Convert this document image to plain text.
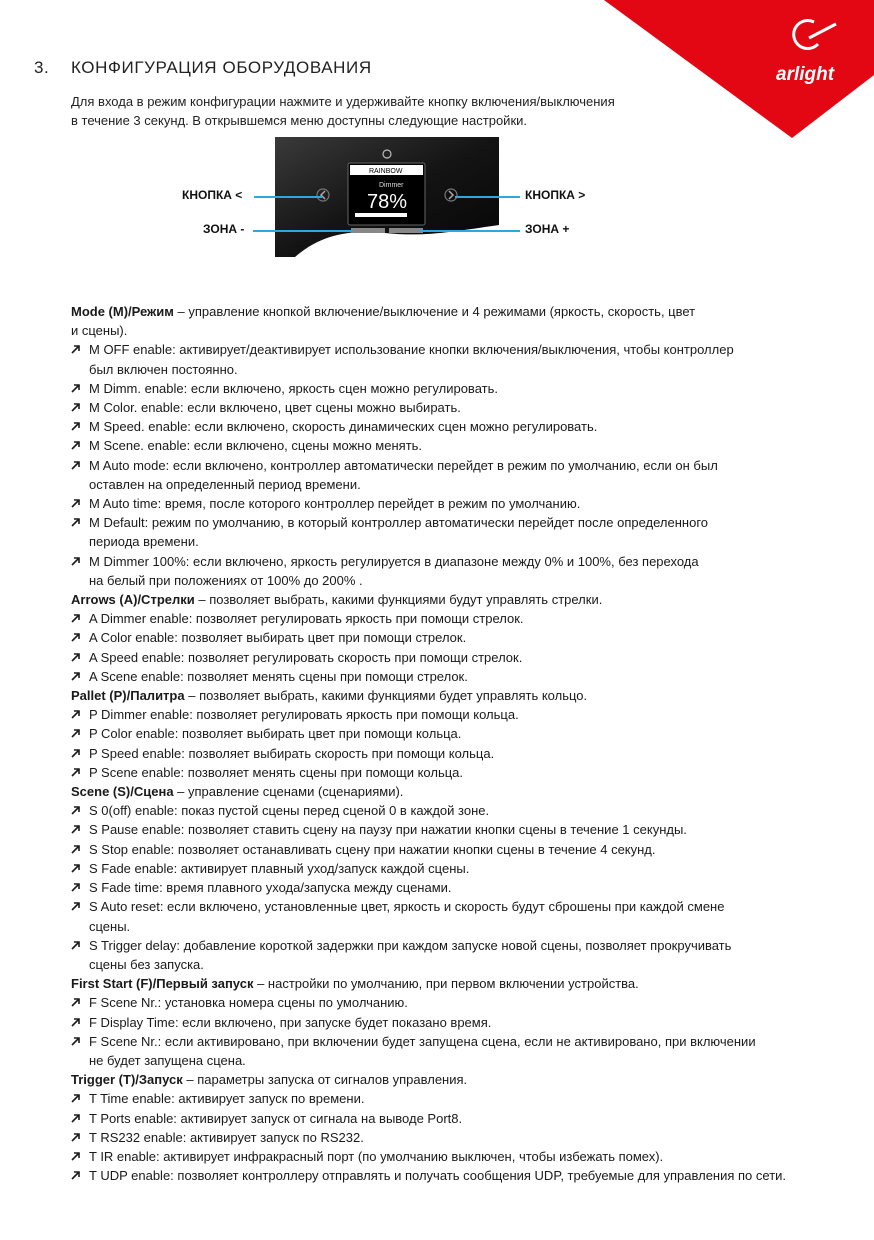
arlight
3. КОНФИГУРАЦИЯ ОБОРУДОВАНИЯ
Для входа в режим конфигурации нажмите и удерживайте кнопку включения/выключения
в течение 3 секунд. В открывшемся меню доступны следующие настройки.
RAINBOW
Dimmer
78%
КНОПКА <
ЗОНА -
КНОПКА >
ЗОНА +
Mode (M)/Режим – управление кнопкой включение/выключение и 4 режимами (яркость, скорость, цвет
и сцены).
M OFF enable: активирует/деактивирует использование кнопки включения/выключения, чтобы контроллер
был включен постоянно.
M Dimm. enable: если включено, яркость сцен можно регулировать.
M Color. enable: если включено, цвет сцены можно выбирать.
M Speed. enable: если включено, скорость динамических сцен можно регулировать.
M Scene. enable: если включено, сцены можно менять.
M Auto mode: если включено, контроллер автоматически перейдет в режим по умолчанию, если он был
оставлен на определенный период времени.
M Auto time: время, после которого контроллер перейдет в режим по умолчанию.
M Default: режим по умолчанию, в который контроллер автоматически перейдет после определенного
периода времени.
M Dimmer 100%: если включено, яркость регулируется в диапазоне между 0% и 100%, без перехода
на белый при положениях от 100% до 200% .
Arrows (A)/Стрелки – позволяет выбрать, какими функциями будут управлять стрелки.
A Dimmer enable: позволяет регулировать яркость при помощи стрелок.
A Color enable: позволяет выбирать цвет при помощи стрелок.
A Speed enable: позволяет регулировать скорость при помощи стрелок.
A Scene enable: позволяет менять сцены при помощи стрелок.
Pallet (P)/Палитра – позволяет выбрать, какими функциями будет управлять кольцо.
P Dimmer enable: позволяет регулировать яркость при помощи кольца.
P Color enable: позволяет выбирать цвет при помощи кольца.
P Speed enable: позволяет выбирать скорость при помощи кольца.
P Scene enable: позволяет менять сцены при помощи кольца.
Scene (S)/Сцена – управление сценами (сценариями).
S 0(off) enable: показ пустой сцены перед сценой 0 в каждой зоне.
S Pause enable: позволяет ставить сцену на паузу при нажатии кнопки сцены в течение 1 секунды.
S Stop enable: позволяет останавливать сцену при нажатии кнопки сцены в течение 4 секунд.
S Fade enable: активирует плавный уход/запуск каждой сцены.
S Fade time: время плавного ухода/запуска между сценами.
S Auto reset: если включено, установленные цвет, яркость и скорость будут сброшены при каждой смене
сцены.
S Trigger delay: добавление короткой задержки при каждом запуске новой сцены, позволяет прокручивать
сцены без запуска.
First Start (F)/Первый запуск – настройки по умолчанию, при первом включении устройства.
F Scene Nr.: установка номера сцены по умолчанию.
F Display Time: если включено, при запуске будет показано время.
F Scene Nr.: если активировано, при включении будет запущена сцена, если не активировано, при включении
не будет запущена сцена.
Trigger (T)/Запуск – параметры запуска от сигналов управления.
T Time enable: активирует запуск по времени.
T Ports enable: активирует запуск от сигнала на выводе Port8.
T RS232 enable: активирует запуск по RS232.
T IR enable: активирует инфракрасный порт (по умолчанию выключен, чтобы избежать помех).
T UDP enable: позволяет контроллеру отправлять и получать сообщения UDP, требуемые для управления по сети.
